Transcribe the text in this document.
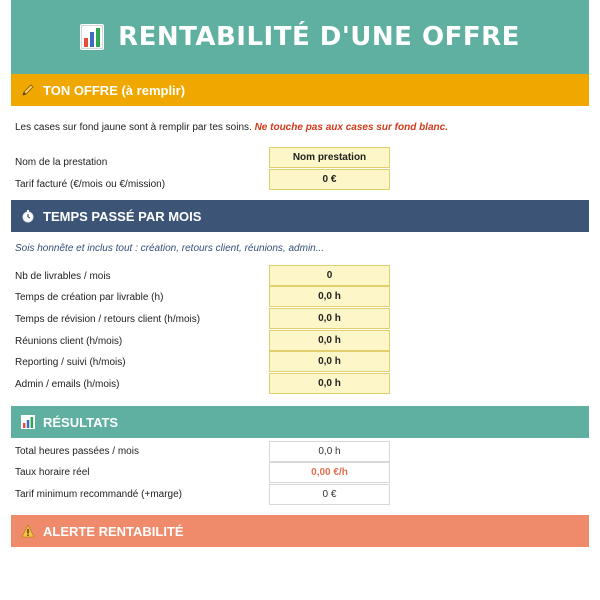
RENTABILITÉ D'UNE OFFRE
TON OFFRE (à remplir)
Les cases sur fond jaune sont à remplir par tes soins. Ne touche pas aux cases sur fond blanc.
Nom de la prestation	Nom prestation
Tarif facturé (€/mois ou €/mission)	0 €
TEMPS PASSÉ PAR MOIS
Sois honnête et inclus tout : création, retours client, réunions, admin...
Nb de livrables / mois	0
Temps de création par livrable (h)	0,0 h
Temps de révision / retours client (h/mois)	0,0 h
Réunions client (h/mois)	0,0 h
Reporting / suivi (h/mois)	0,0 h
Admin / emails (h/mois)	0,0 h
RÉSULTATS
Total heures passées / mois	0,0 h
Taux horaire réel	0,00 €/h
Tarif minimum recommandé (+marge)	0 €
ALERTE RENTABILITÉ
